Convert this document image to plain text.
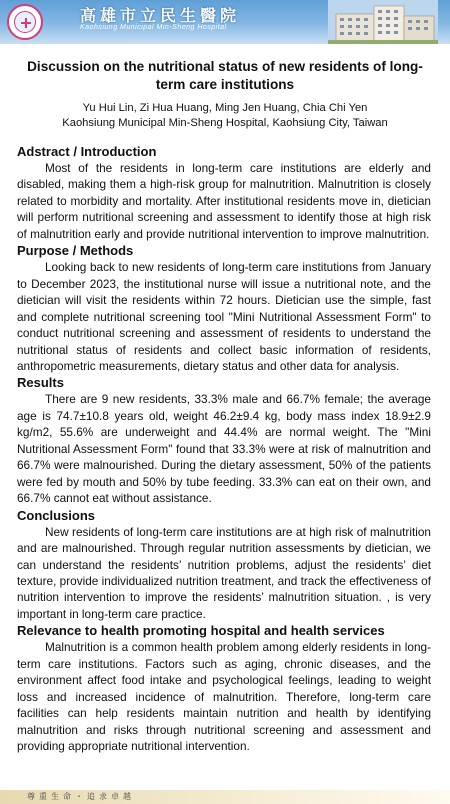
高雄市立民生醫院
Kaohsiung Municipal Min-Sheng Hospital
Discussion on the nutritional status of new residents of long-term care institutions
Yu Hui Lin, Zi Hua Huang, Ming Jen Huang, Chia Chi Yen
Kaohsiung Municipal Min-Sheng Hospital, Kaohsiung City, Taiwan
Adstract / Introduction

Most of the residents in long-term care institutions are elderly and disabled, making them a high-risk group for malnutrition. Malnutrition is closely related to morbidity and mortality. After institutional residents move in, dietician will perform nutritional screening and assessment to identify those at high risk of malnutrition early and provide nutritional intervention to improve malnutrition.

Purpose / Methods

Looking back to new residents of long-term care institutions from January to December 2023, the institutional nurse will issue a nutritional note, and the dietician will visit the residents within 72 hours. Dietician use the simple, fast and complete nutritional screening tool "Mini Nutritional Assessment Form" to conduct nutritional screening and assessment of residents to understand the nutritional status of residents and collect basic information of residents, anthropometric measurements, dietary status and other data for analysis.

Results

There are 9 new residents, 33.3% male and 66.7% female; the average age is 74.7±10.8 years old, weight 46.2±9.4 kg, body mass index 18.9±2.9 kg/m2, 55.6% are underweight and 44.4% are normal weight. The "Mini Nutritional Assessment Form" found that 33.3% were at risk of malnutrition and 66.7% were malnourished. During the dietary assessment, 50% of the patients were fed by mouth and 50% by tube feeding. 33.3% can eat on their own, and 66.7% cannot eat without assistance.

Conclusions

New residents of long-term care institutions are at high risk of malnutrition and are malnourished. Through regular nutrition assessments by dietician, we can understand the residents’ nutrition problems, adjust the residents’ diet texture, provide individualized nutrition treatment, and track the effectiveness of nutrition intervention to improve the residents’ malnutrition situation. , is very important in long-term care practice.

Relevance to health promoting hospital and health services

Malnutrition is a common health problem among elderly residents in long-term care institutions. Factors such as aging, chronic diseases, and the environment affect food intake and psychological feelings, leading to weight loss and increased incidence of malnutrition. Therefore, long-term care facilities can help residents maintain nutrition and health by identifying malnutrition and risks through nutritional screening and assessment and providing appropriate nutritional intervention.

尊重生命・追求卓越
